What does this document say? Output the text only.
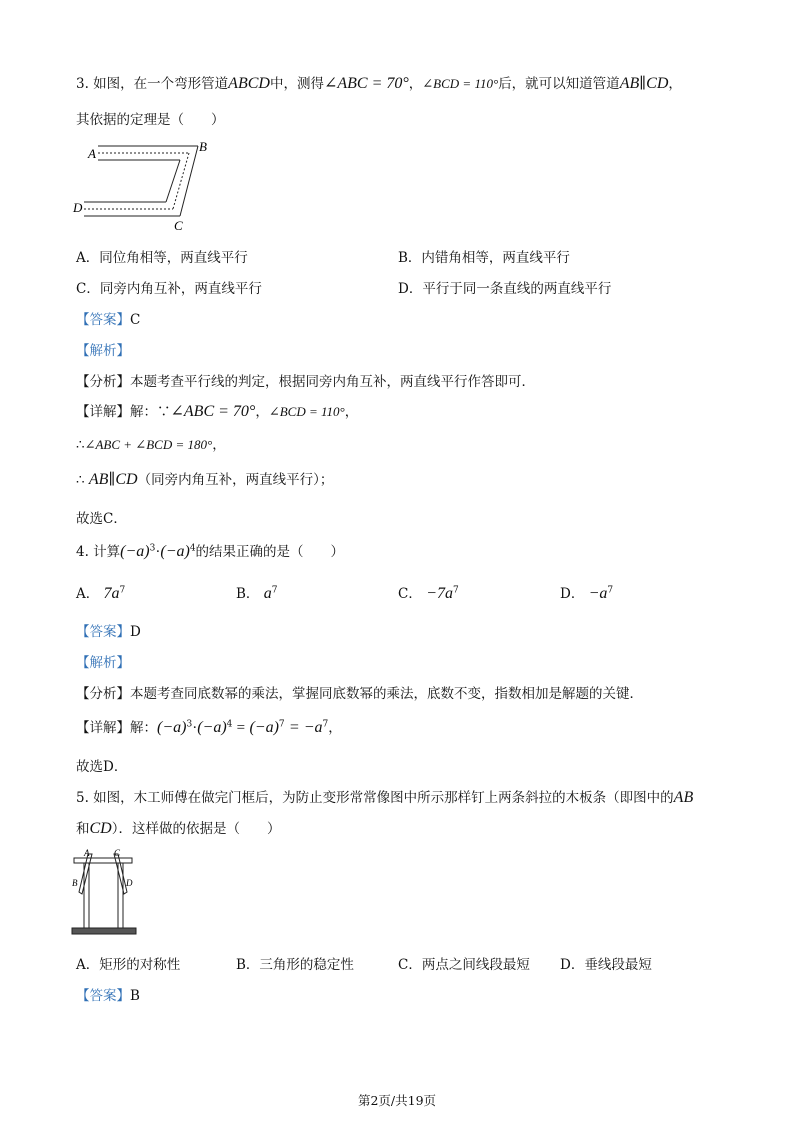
3. 如图，在一个弯形管道ABCD中，测得∠ABC = 70°，∠BCD = 110°后，就可以知道管道AB∥CD，
其依据的定理是（　　）
A	B
D
C
A．同位角相等，两直线平行	B．内错角相等，两直线平行
C．同旁内角互补，两直线平行	D．平行于同一条直线的两直线平行
【答案】C
【解析】
【分析】本题考查平行线的判定，根据同旁内角互补，两直线平行作答即可．
【详解】解：∵∠ABC = 70°，∠BCD = 110°，
∴∠ABC + ∠BCD = 180°，
∴ AB∥CD（同旁内角互补，两直线平行）；
故选C．
4. 计算$(-a)^3\cdot(-a)^4$的结果正确的是（　　）
A． $7a^7$	B． $a^7$	C． $-7a^7$	D． $-a^7$
【答案】D
【解析】
【分析】本题考查同底数幂的乘法，掌握同底数幂的乘法，底数不变，指数相加是解题的关键．
【详解】解：$(-a)^3\cdot(-a)^4 = (-a)^7 = -a^7$，
故选D．
5. 如图，木工师傅在做完门框后，为防止变形常常像图中所示那样钉上两条斜拉的木板条（即图中的AB
和CD）．这样做的依据是（　　）
A	C
B	D
A．矩形的对称性	B．三角形的稳定性	C．两点之间线段最短 D．垂线段最短
【答案】B
第2页/共19页
